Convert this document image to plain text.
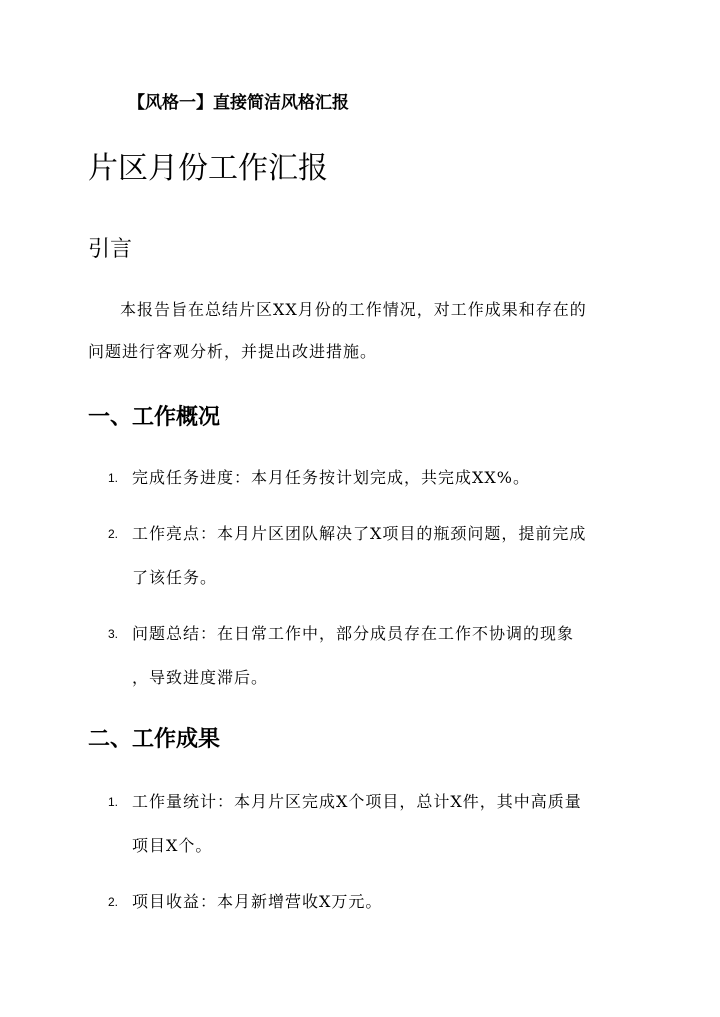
【风格一】直接简洁风格汇报
片区月份工作汇报
引言

本报告旨在总结片区XX月份的工作情况，对工作成果和存在的
问题进行客观分析，并提出改进措施。

一、工作概况
1. 完成任务进度：本月任务按计划完成，共完成XX%。
2. 工作亮点：本月片区团队解决了X项目的瓶颈问题，提前完成
了该任务。
3. 问题总结：在日常工作中，部分成员存在工作不协调的现象
，导致进度滞后。
二、工作成果
1. 工作量统计：本月片区完成X个项目，总计X件，其中高质量
项目X个。
2. 项目收益：本月新增营收X万元。
